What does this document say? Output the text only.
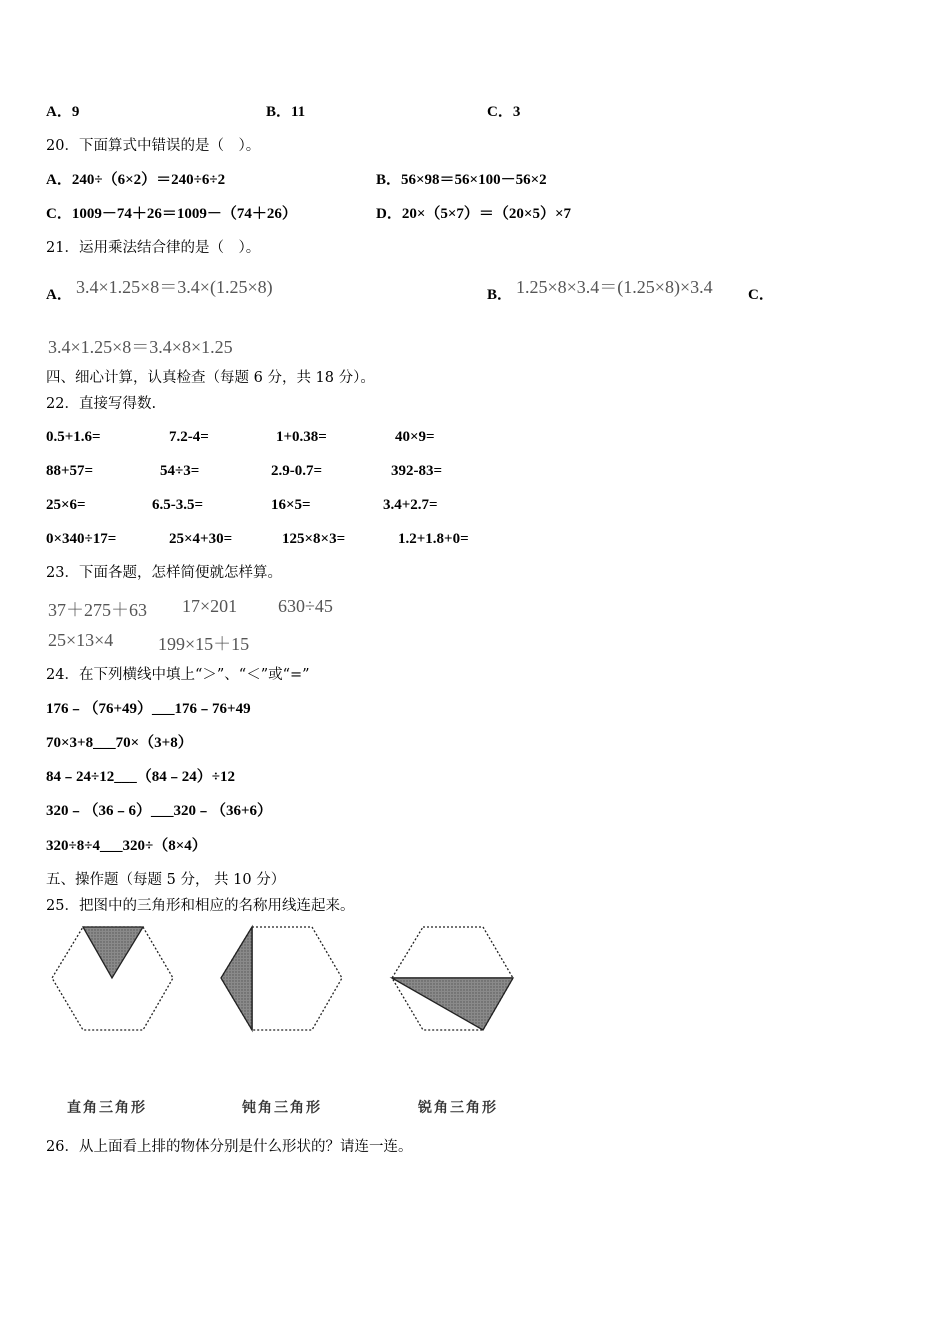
A．9	B．11	C．3
20．下面算式中错误的是（　）。
A．240÷（6×2）＝240÷6÷2	B．56×98＝56×100－56×2
C．1009－74＋26＝1009－（74＋26）	D．20×（5×7）＝（20×5）×7
21．运用乘法结合律的是（　）。
A． 3.4×1.25×8＝3.4×(1.25×8)	B． 1.25×8×3.4＝(1.25×8)×3.4 C．
3.4×1.25×8＝3.4×8×1.25
四、细心计算，认真检查（每题 6 分，共 18 分）。
22．直接写得数.
0.5+1.6=	7.2-4=	1+0.38=	40×9=
88+57=	54÷3=	2.9-0.7=	392-83=
25×6=	6.5-3.5=	16×5=	3.4+2.7=
0×340÷17=	25×4+30=	125×8×3=	1.2+1.8+0=
23．下面各题，怎样简便就怎样算。
37＋275＋63 17×201 630÷45
25×13×4 199×15＋15
24．在下列横线中填上“＞”、“＜”或“=”
176﹣（76+49）___176﹣76+49
70×3+8___70×（3+8）
84﹣24÷12___（84﹣24）÷12
320﹣（36﹣6）___320﹣（36+6）
320÷8÷4___320÷（8×4）
五、操作题（每题 5 分， 共 10 分）
25．把图中的三角形和相应的名称用线连起来。
直角三角形	钝角三角形	锐角三角形
26．从上面看上排的物体分别是什么形状的？请连一连。
